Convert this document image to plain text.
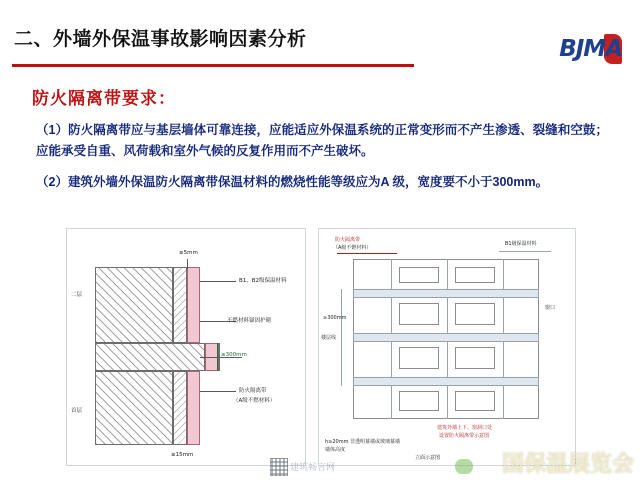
二、外墙外保温事故影响因素分析	BJMA
防火隔离带要求：
（1）防火隔离带应与基层墙体可靠连接，应能适应外保温系统的正常变形而不产生渗透、裂缝和空鼓；应能承受自重、风荷载和室外气候的反复作用而不产生破坏。
（2）建筑外墙外保温防火隔离带保温材料的燃烧性能等级应为A 级，宽度要不小于300mm。
≥5mm
B1、B2级保温材料
不燃材料锚固护砌
≥300mm
防火隔离带
（A级不燃材料）
二层
首层
≥15mm
防火隔离带
（A级不燃材料）
B1级保温材料
窗口
楼层线
≥300mm
建筑外墙上下、窗洞口处
设置防火隔离带示意图
h≥20mm 非透明幕墙或玻璃幕墙
墙体高度
立面示意图
建筑畅言网	国保温展览会
